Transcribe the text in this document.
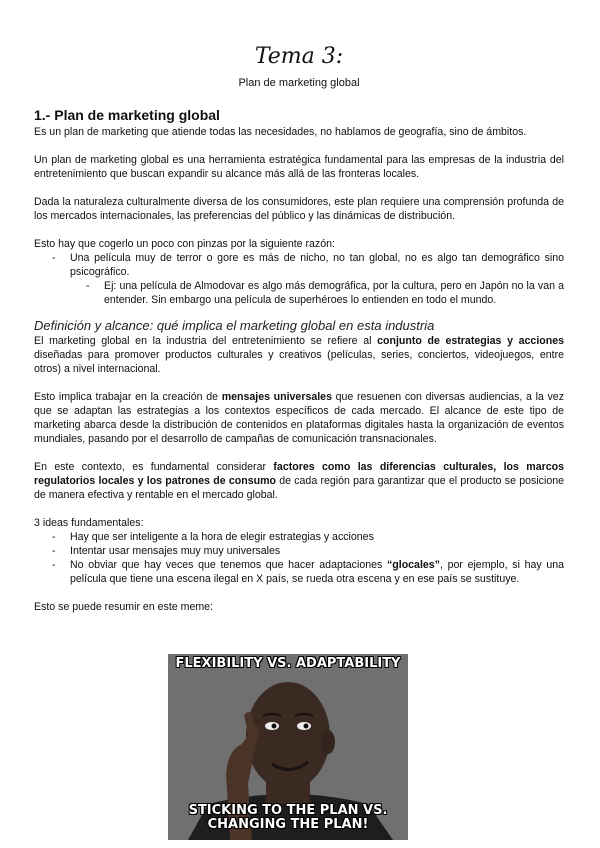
Tema 3:
Plan de marketing global
1.- Plan de marketing global

Es un plan de marketing que atiende todas las necesidades, no hablamos de geografía, sino de ámbitos.

Un plan de marketing global es una herramienta estratégica fundamental para las empresas de la industria del entretenimiento que buscan expandir su alcance más allá de las fronteras locales.

Dada la naturaleza culturalmente diversa de los consumidores, este plan requiere una comprensión profunda de los mercados internacionales, las preferencias del público y las dinámicas de distribución.

Esto hay que cogerlo un poco con pinzas por la siguiente razón:

- Una película muy de terror o gore es más de nicho, no tan global, no es algo tan demográfico sino psicográfico.
- Ej: una película de Almodovar es algo más demográfica, por la cultura, pero en Japón no la van a entender. Sin embargo una película de superhéroes lo entienden en todo el mundo.
Definición y alcance: qué implica el marketing global en esta industria

El marketing global en la industria del entretenimiento se refiere al conjunto de estrategias y acciones diseñadas para promover productos culturales y creativos (películas, series, conciertos, videojuegos, entre otros) a nivel internacional.

Esto implica trabajar en la creación de mensajes universales que resuenen con diversas audiencias, a la vez que se adaptan las estrategias a los contextos específicos de cada mercado. El alcance de este tipo de marketing abarca desde la distribución de contenidos en plataformas digitales hasta la organización de eventos mundiales, pasando por el desarrollo de campañas de comunicación transnacionales.

En este contexto, es fundamental considerar factores como las diferencias culturales, los marcos regulatorios locales y los patrones de consumo de cada región para garantizar que el producto se posicione de manera efectiva y rentable en el mercado global.

3 ideas fundamentales:

- Hay que ser inteligente a la hora de elegir estrategias y acciones
- Intentar usar mensajes muy muy universales
- No obviar que hay veces que tenemos que hacer adaptaciones “glocales”, por ejemplo, si hay una película que tiene una escena ilegal en X país, se rueda otra escena y en ese país se sustituye.

Esto se puede resumir en este meme:

FLEXIBILITY VS. ADAPTABILITY
STICKING TO THE PLAN VS.
CHANGING THE PLAN!
